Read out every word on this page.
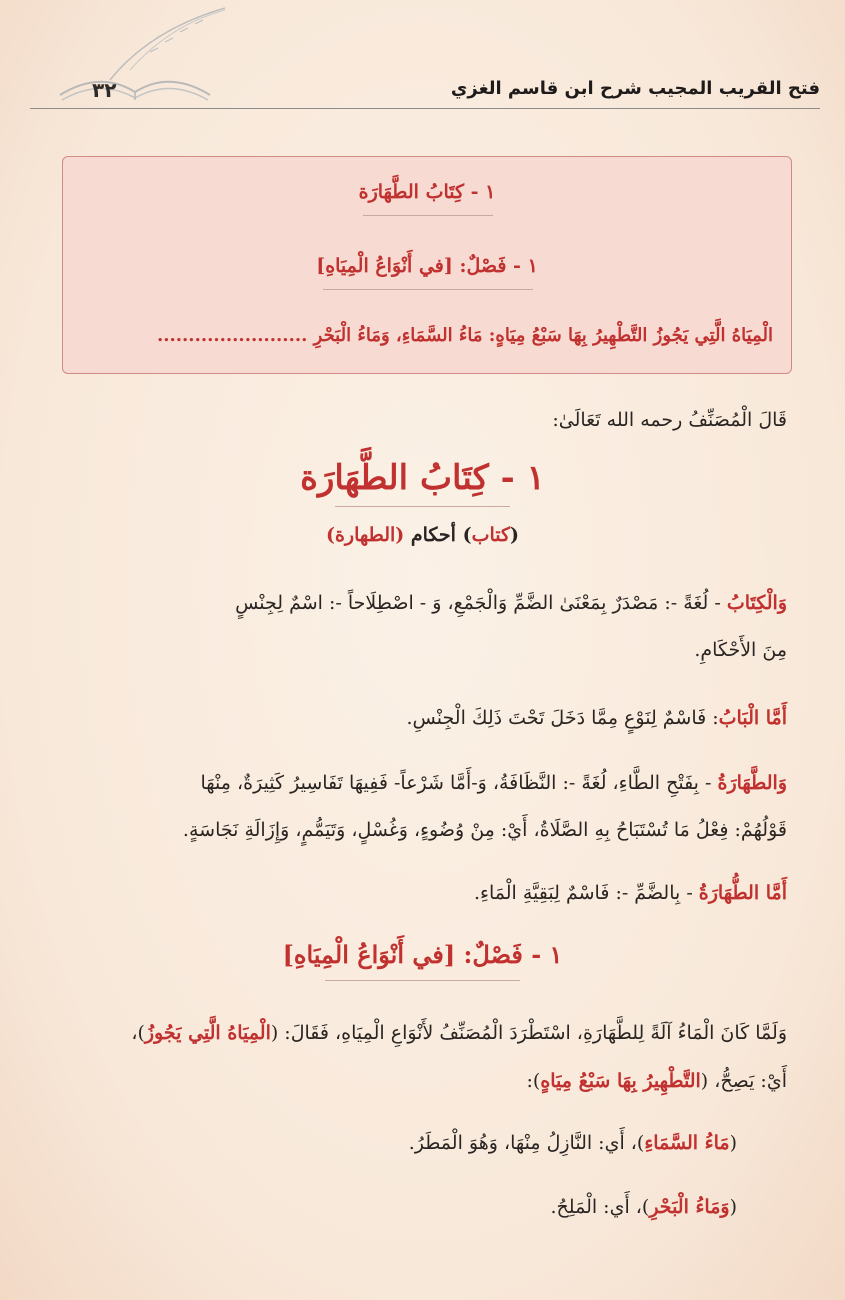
٣٢	فتح القريب المجيب شرح ابن قاسم الغزي
١ - كِتَابُ الطَّهَارَة
١ - فَصْلٌ: [في أَنْوَاعُ الْمِيَاهِ]
الْمِيَاهُ الَّتِي يَجُوزُ التَّطْهِيرُ بِهَا سَبْعُ مِيَاهٍ: مَاءُ السَّمَاءِ، وَمَاءُ الْبَحْرِ ........................
قَالَ الْمُصَنِّفُ رحمه الله تَعَالَىٰ:
١ - كِتَابُ الطَّهَارَة
(كتاب) أحكام (الطهارة)
وَالْكِتَابُ - لُغَةً -: مَصْدَرٌ بِمَعْنَىٰ الضَّمِّ وَالْجَمْعِ، وَ - اصْطِلَاحاً -: اسْمٌ لِجِنْسٍ
مِنَ الأَحْكَامِ.
أَمَّا الْبَابُ: فَاسْمٌ لِنَوْعٍ مِمَّا دَخَلَ تَحْتَ ذَلِكَ الْجِنْسِ.
وَالطَّهَارَةُ - بِفَتْحِ الطَّاءِ، لُغَةً -: النَّظَافَةُ، وَ-أَمَّا شَرْعاً- فَفِيهَا تَفَاسِيرُ كَثِيرَةٌ، مِنْهَا
قَوْلُهُمْ: فِعْلُ مَا تُسْتَبَاحُ بِهِ الصَّلَاةُ، أَيْ: مِنْ وُضُوءٍ، وَغُسْلٍ، وَتَيَمُّمٍ، وَإِزَالَةِ نَجَاسَةٍ.
أَمَّا الطُّهَارَةُ - بِالضَّمِّ -: فَاسْمٌ لِبَقِيَّةِ الْمَاءِ.
١ - فَصْلٌ: [في أَنْوَاعُ الْمِيَاهِ]
وَلَمَّا كَانَ الْمَاءُ آلَةً لِلطَّهَارَةِ، اسْتَطْرَدَ الْمُصَنِّفُ لأَنْوَاعِ الْمِيَاهِ، فَقَالَ: (الْمِيَاهُ الَّتِي يَجُوزُ)،
أَيْ: يَصِحُّ، (التَّطْهِيرُ بِهَا سَبْعُ مِيَاهٍ):
(مَاءُ السَّمَاءِ)، أَي: النَّازِلُ مِنْهَا، وَهُوَ الْمَطَرُ.
(وَمَاءُ الْبَحْرِ)، أَي: الْمَلِحُ.
